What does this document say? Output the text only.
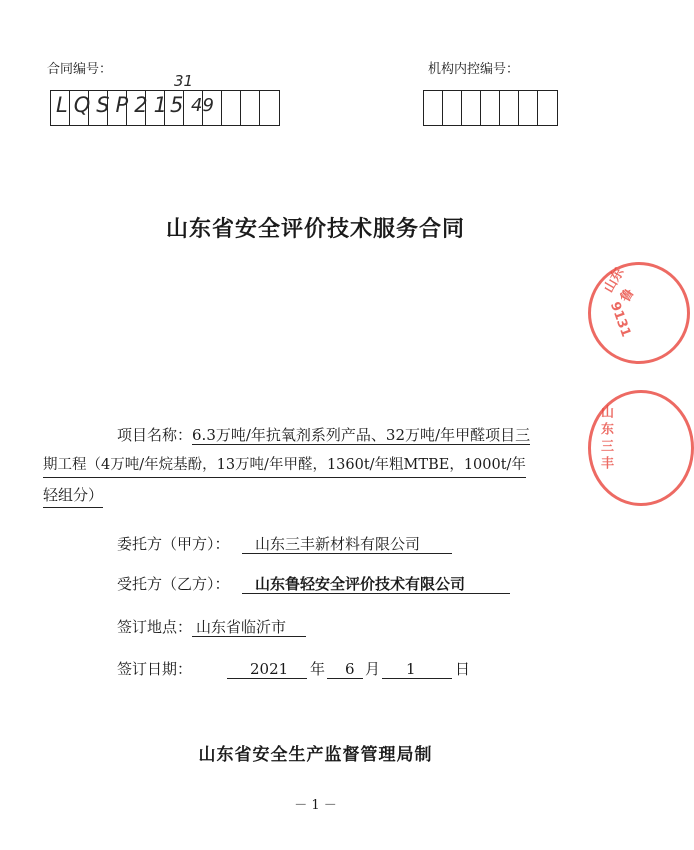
合同编号：	机构内控编号：
LQSP21
5 49
31
山东省安全评价技术服务合同
项目名称：6.3万吨/年抗氧剂系列产品、32万吨/年甲醛项目三
期工程（4万吨/年烷基酚，13万吨/年甲醛，1360t/年粗MTBE，1000t/年
轻组分）
委托方（甲方）： 山东三丰新材料有限公司
受托方（乙方）： 山东鲁轻安全评价技术有限公司
签订地点： 山东省临沂市
签订日期：	2021 年 6 月 1	日
山东省安全生产监督管理局制
－ 1 －
山东鲁
9131
山东三丰
